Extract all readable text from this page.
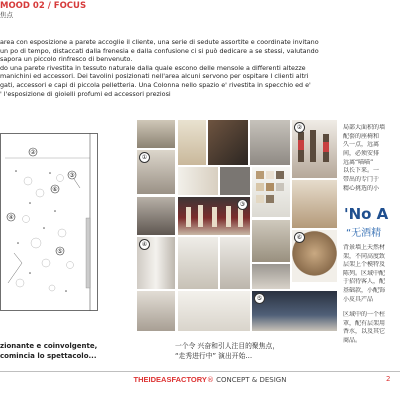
MOOD 02 / FOCUS
焦点
area con esposizione a parete accoglie il cliente, una serie di sedute assortite e coordinate invitano
un po di tempo, distaccati dalla frenesia e dalla confusione ci si può dedicare a se stessi, valutando
sapora un piccolo rinfresco di benvenuto.
do una parete rivestita in tessuto naturale dalla quale escono delle mensole a differenti altezze
manichini ed accessori. Dei tavolini posizionati nell'area alcuni servono per ospitare I clienti altri
gati, accessori e capi di piccola pelletteria. Una Colonna nello spazio e' rivestita in specchio ed e'
' l'esposizione di gioielli profumi ed accessori preziosi
②
③
⑥
④
⑤
②
①
③
⑥
④
⑤
局部大面积的墙
配套的座椅和
久一点，远离
间，必须安排
远离“喵喵”
以长下来。一
带出的专门于
精心挑选的小
'No A
“无酒精
背景墙上天然材
架，不同高度致
层架上个模特及
陈列。区域中配
于招待客人，配
基础款，小配饰
小皮具产品
区域中的一个柱
罩，配有层架用
香水，以及其它
商品。
zionante e coinvolgente,
comincia lo spettacolo...
一个令 兴奋和引人注目的聚焦点，
“走秀进行中” 演出开始…
THEIDEASFACTORY® CONCEPT & DESIGN	2
